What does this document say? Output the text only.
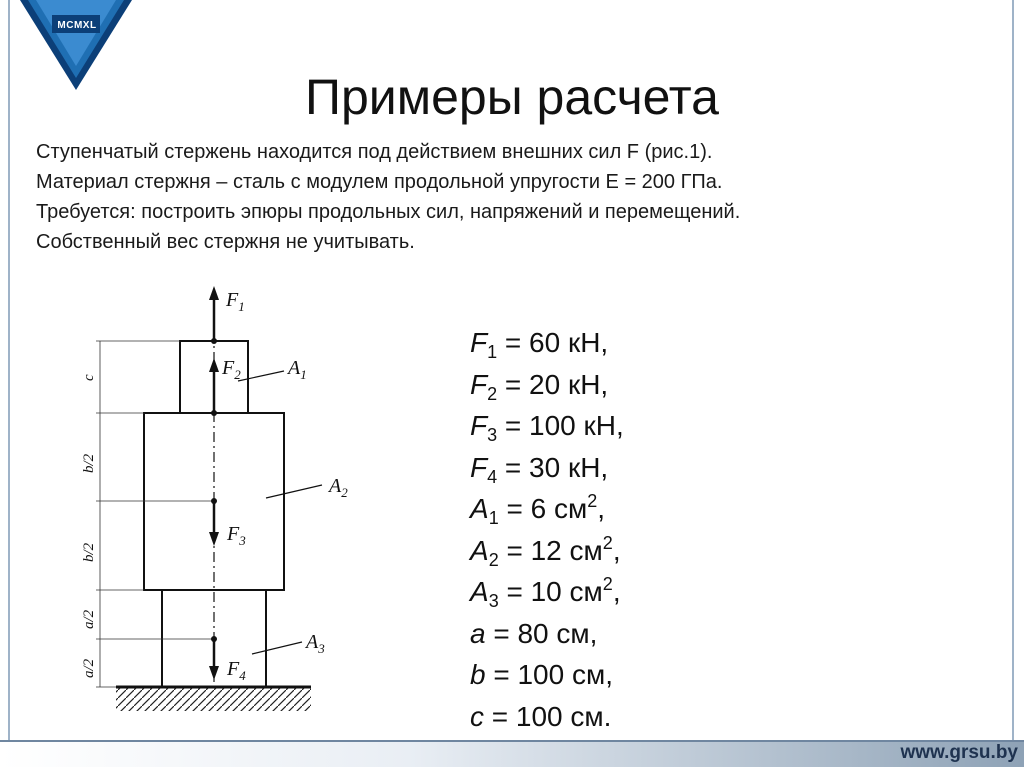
MCMXL
Примеры расчета

Ступенчатый стержень находится под действием внешних сил F (рис.1).

Материал стержня – сталь с модулем продольной упругости E = 200 ГПа.

Требуется: построить эпюры продольных сил, напряжений и перемещений.

Собственный вес стержня не учитывать.

$F_1$
$F_2$
$F_3$
$F_4$
$A_1$
$A_2$
$A_3$
c
b/2
b/2
a/2
a/2
$F_1 = 60$ кН,
$F_2 = 20$ кН,
$F_3 = 100$ кН,
$F_4 = 30$ кН,
$A_1 = 6$ $см^2$,
$A_2 = 12$ $см^2$,
$A_3 = 10$ $см^2$,
a = 80 см,
b = 100 см,
c = 100 см.
www.grsu.by
